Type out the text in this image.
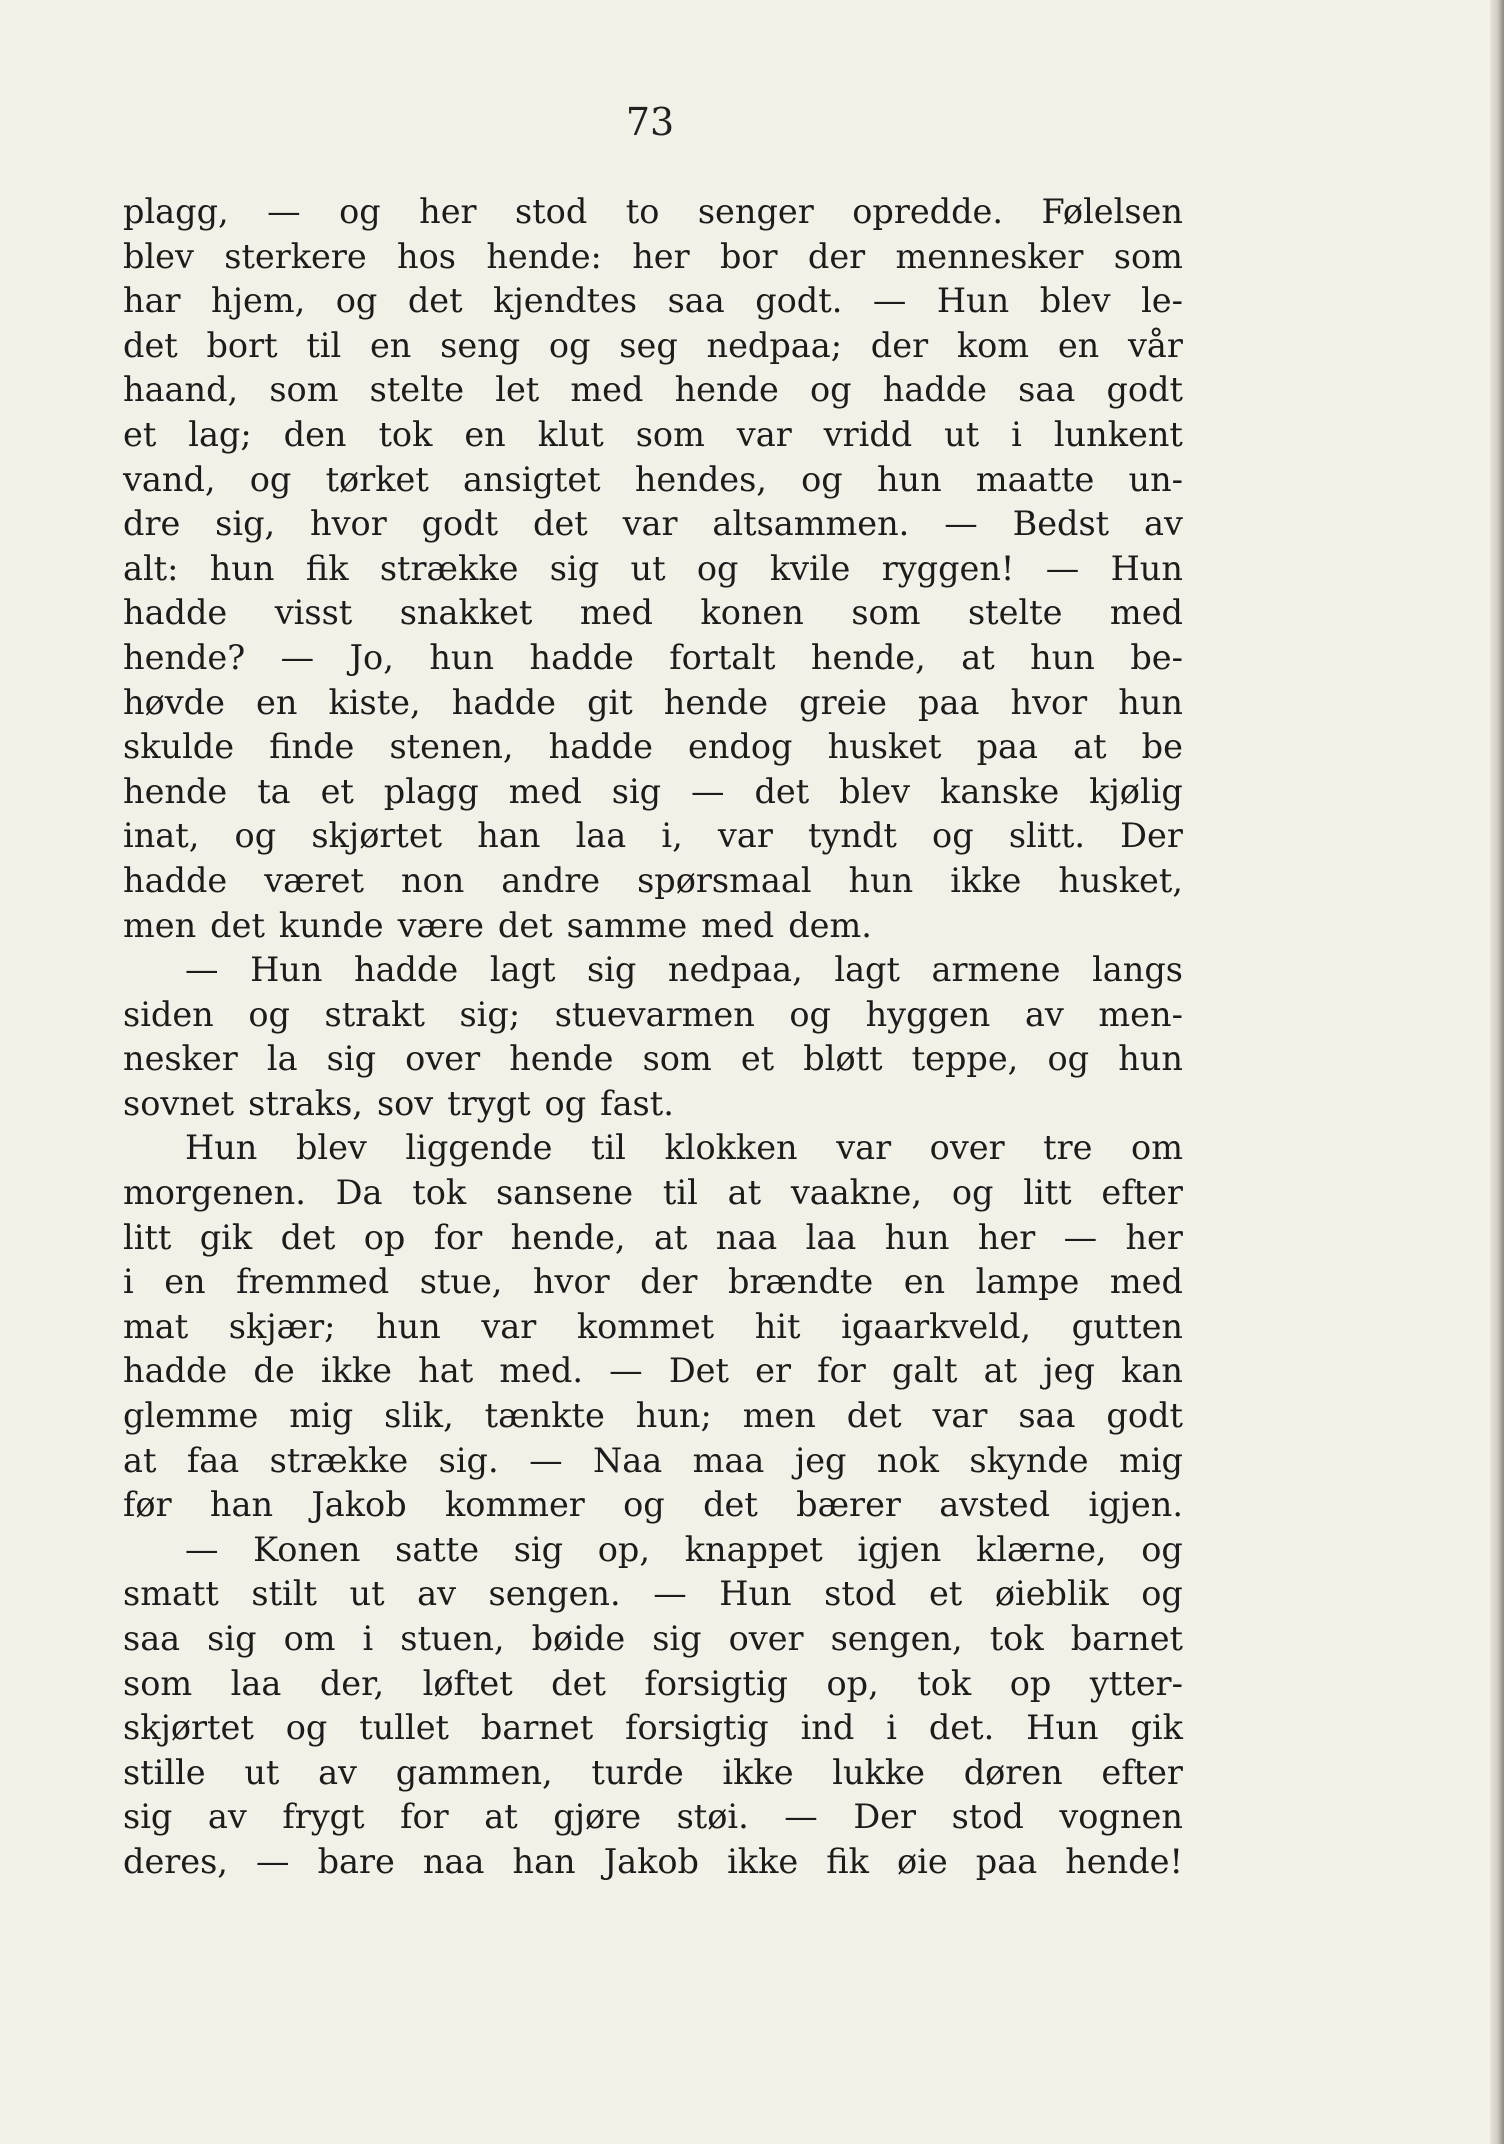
73
plagg, — og her stod to senger opredde. Følelsen
blev sterkere hos hende: her bor der mennesker som
har hjem, og det kjendtes saa godt. — Hun blev le-
det bort til en seng og seg nedpaa; der kom en vår
haand, som stelte let med hende og hadde saa godt
et lag; den tok en klut som var vridd ut i lunkent
vand, og tørket ansigtet hendes, og hun maatte un-
dre sig, hvor godt det var altsammen. — Bedst av
alt: hun fik strække sig ut og kvile ryggen! — Hun
hadde visst snakket med konen som stelte med
hende? — Jo, hun hadde fortalt hende, at hun be-
høvde en kiste, hadde git hende greie paa hvor hun
skulde finde stenen, hadde endog husket paa at be
hende ta et plagg med sig — det blev kanske kjølig
inat, og skjørtet han laa i, var tyndt og slitt. Der
hadde været non andre spørsmaal hun ikke husket,
men det kunde være det samme med dem.
— Hun hadde lagt sig nedpaa, lagt armene langs
siden og strakt sig; stuevarmen og hyggen av men-
nesker la sig over hende som et bløtt teppe, og hun
sovnet straks, sov trygt og fast.
Hun blev liggende til klokken var over tre om
morgenen. Da tok sansene til at vaakne, og litt efter
litt gik det op for hende, at naa laa hun her — her
i en fremmed stue, hvor der brændte en lampe med
mat skjær; hun var kommet hit igaarkveld, gutten
hadde de ikke hat med. — Det er for galt at jeg kan
glemme mig slik, tænkte hun; men det var saa godt
at faa strække sig. — Naa maa jeg nok skynde mig
før han Jakob kommer og det bærer avsted igjen.
— Konen satte sig op, knappet igjen klærne, og
smatt stilt ut av sengen. — Hun stod et øieblik og
saa sig om i stuen, bøide sig over sengen, tok barnet
som laa der, løftet det forsigtig op, tok op ytter-
skjørtet og tullet barnet forsigtig ind i det. Hun gik
stille ut av gammen, turde ikke lukke døren efter
sig av frygt for at gjøre støi. — Der stod vognen
deres, — bare naa han Jakob ikke fik øie paa hende!
